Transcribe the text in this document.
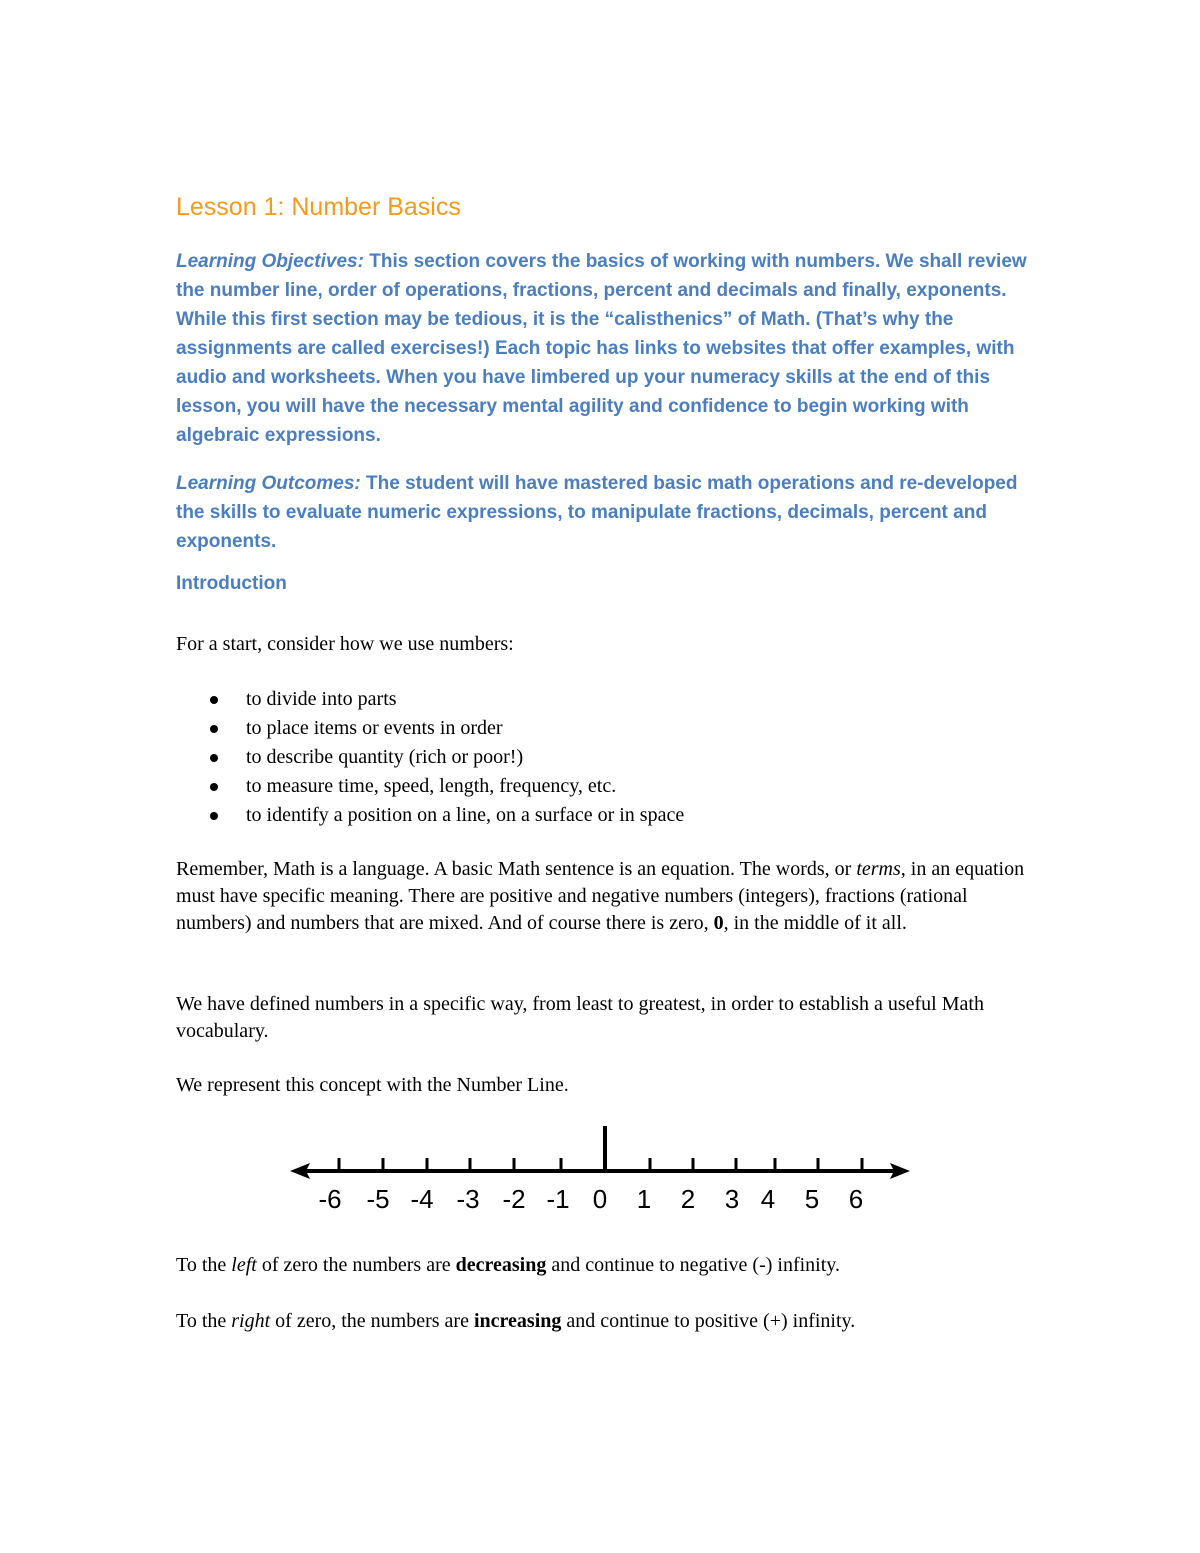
Lesson 1: Number Basics

Learning Objectives: This section covers the basics of working with numbers. We shall review the number line, order of operations, fractions, percent and decimals and finally, exponents. While this first section may be tedious, it is the “calisthenics” of Math. (That’s why the assignments are called exercises!) Each topic has links to websites that offer examples, with audio and worksheets. When you have limbered up your numeracy skills at the end of this lesson, you will have the necessary mental agility and confidence to begin working with algebraic expressions.

Learning Outcomes: The student will have mastered basic math operations and re-developed the skills to evaluate numeric expressions, to manipulate fractions, decimals, percent and exponents.

Introduction

For a start, consider how we use numbers:

to divide into parts
to place items or events in order
to describe quantity (rich or poor!)
to measure time, speed, length, frequency, etc.
to identify a position on a line, on a surface or in space

Remember, Math is a language. A basic Math sentence is an equation. The words, or terms, in an equation must have specific meaning. There are positive and negative numbers (integers), fractions (rational numbers) and numbers that are mixed. And of course there is zero, 0, in the middle of it all.

We have defined numbers in a specific way, from least to greatest, in order to establish a useful Math vocabulary.

We represent this concept with the Number Line.

-6 -5 -4 -3 -2 -1 0 1 2 3 4 5 6

To the left of zero the numbers are decreasing and continue to negative (-) infinity.

To the right of zero, the numbers are increasing and continue to positive (+) infinity.
